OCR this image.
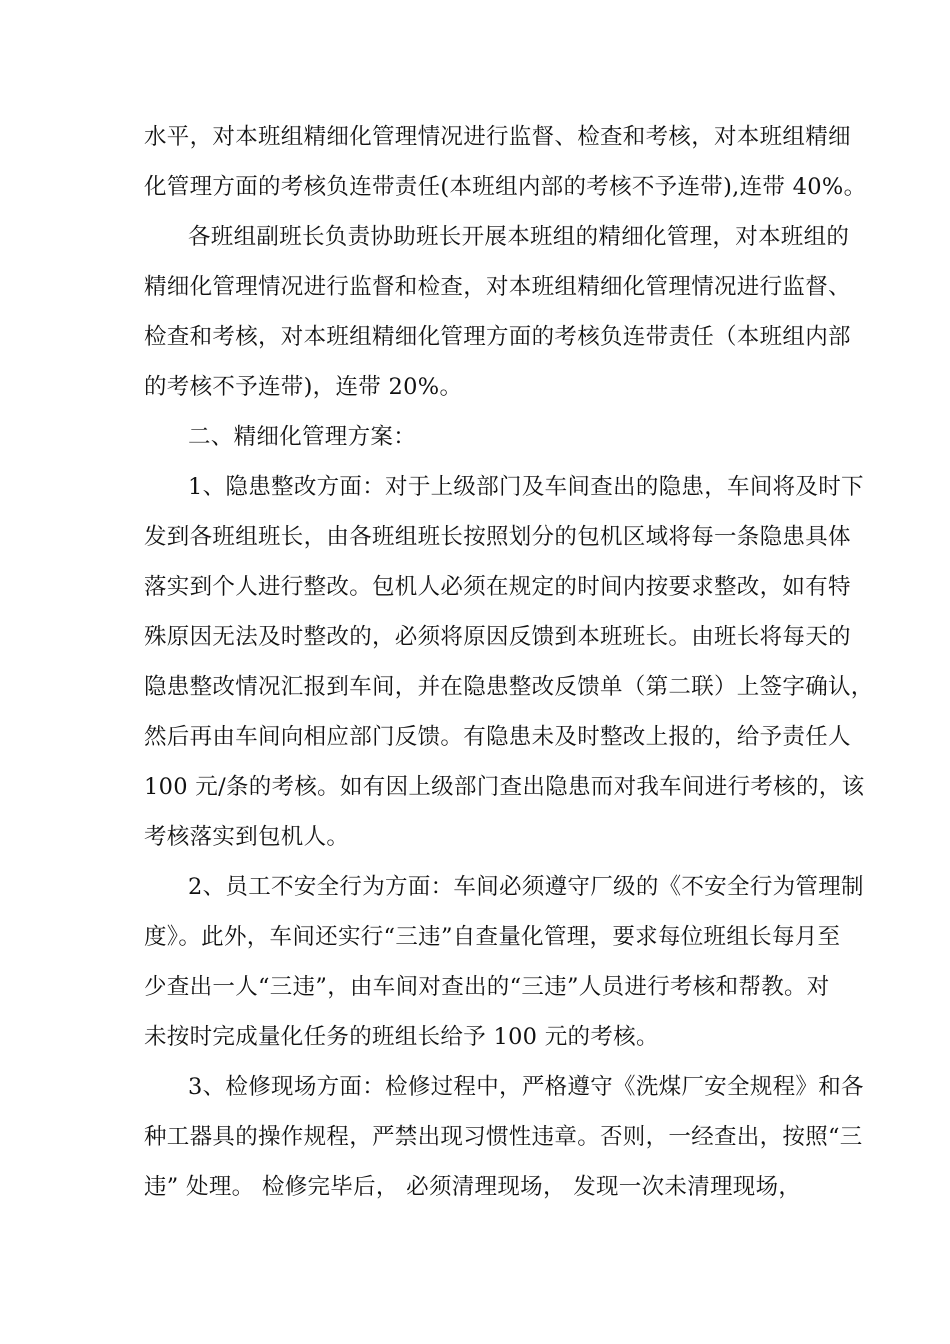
水平，对本班组精细化管理情况进行监督、检查和考核，对本班组精细
化管理方面的考核负连带责任(本班组内部的考核不予连带),连带 40%。
各班组副班长负责协助班长开展本班组的精细化管理，对本班组的
精细化管理情况进行监督和检查，对本班组精细化管理情况进行监督、
检查和考核，对本班组精细化管理方面的考核负连带责任（本班组内部
的考核不予连带)，连带 20%。
二、精细化管理方案：
1、隐患整改方面：对于上级部门及车间查出的隐患，车间将及时下
发到各班组班长，由各班组班长按照划分的包机区域将每一条隐患具体
落实到个人进行整改。包机人必须在规定的时间内按要求整改，如有特
殊原因无法及时整改的，必须将原因反馈到本班班长。由班长将每天的
隐患整改情况汇报到车间，并在隐患整改反馈单（第二联）上签字确认，
然后再由车间向相应部门反馈。有隐患未及时整改上报的，给予责任人
100 元/条的考核。如有因上级部门查出隐患而对我车间进行考核的，该
考核落实到包机人。
2、员工不安全行为方面：车间必须遵守厂级的《不安全行为管理制
度》。此外，车间还实行“三违”自查量化管理，要求每位班组长每月至
少查出一人“三违”，由车间对查出的“三违”人员进行考核和帮教。对
未按时完成量化任务的班组长给予 100 元的考核。
3、检修现场方面：检修过程中，严格遵守《洗煤厂安全规程》和各
种工器具的操作规程，严禁出现习惯性违章。否则，一经查出，按照“三
违” 处理。 检修完毕后， 必须清理现场， 发现一次未清理现场，
